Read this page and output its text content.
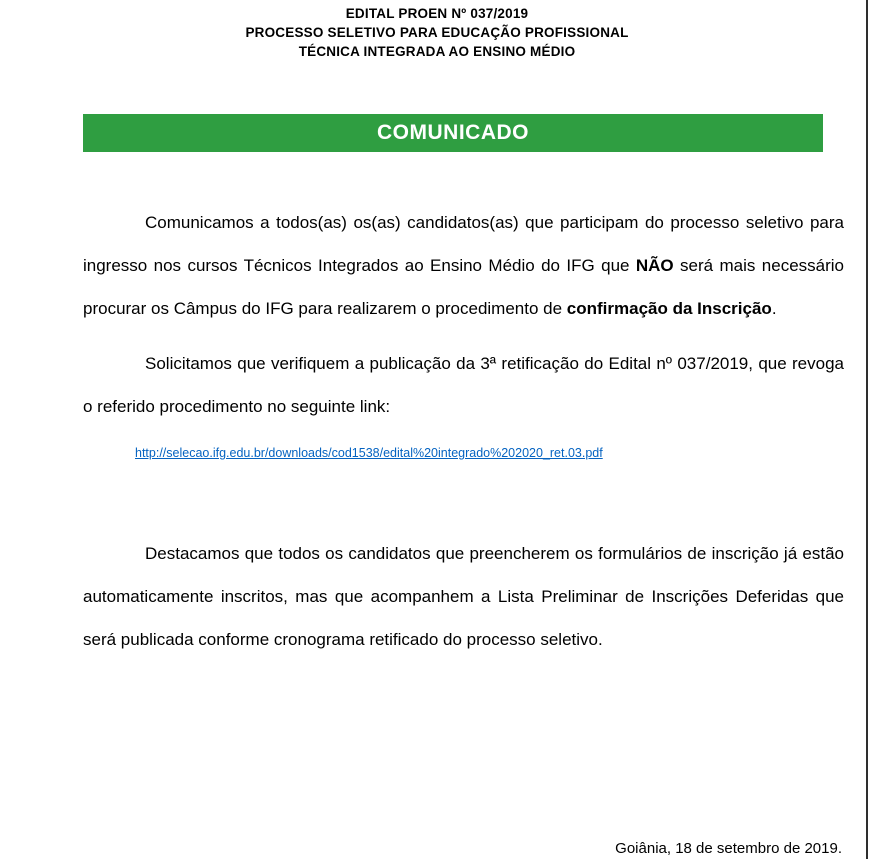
EDITAL PROEN Nº 037/2019
PROCESSO SELETIVO PARA EDUCAÇÃO PROFISSIONAL
TÉCNICA INTEGRADA AO ENSINO MÉDIO
COMUNICADO

Comunicamos a todos(as) os(as) candidatos(as) que participam do processo seletivo para ingresso nos cursos Técnicos Integrados ao Ensino Médio do IFG que NÃO será mais necessário procurar os Câmpus do IFG para realizarem o procedimento de confirmação da Inscrição.

Solicitamos que verifiquem a publicação da 3ª retificação do Edital nº 037/2019, que revoga o referido procedimento no seguinte link:

http://selecao.ifg.edu.br/downloads/cod1538/edital%20integrado%202020_ret.03.pdf

Destacamos que todos os candidatos que preencherem os formulários de inscrição já estão automaticamente inscritos, mas que acompanhem a Lista Preliminar de Inscrições Deferidas que será publicada conforme cronograma retificado do processo seletivo.

Goiânia, 18 de setembro de 2019.
